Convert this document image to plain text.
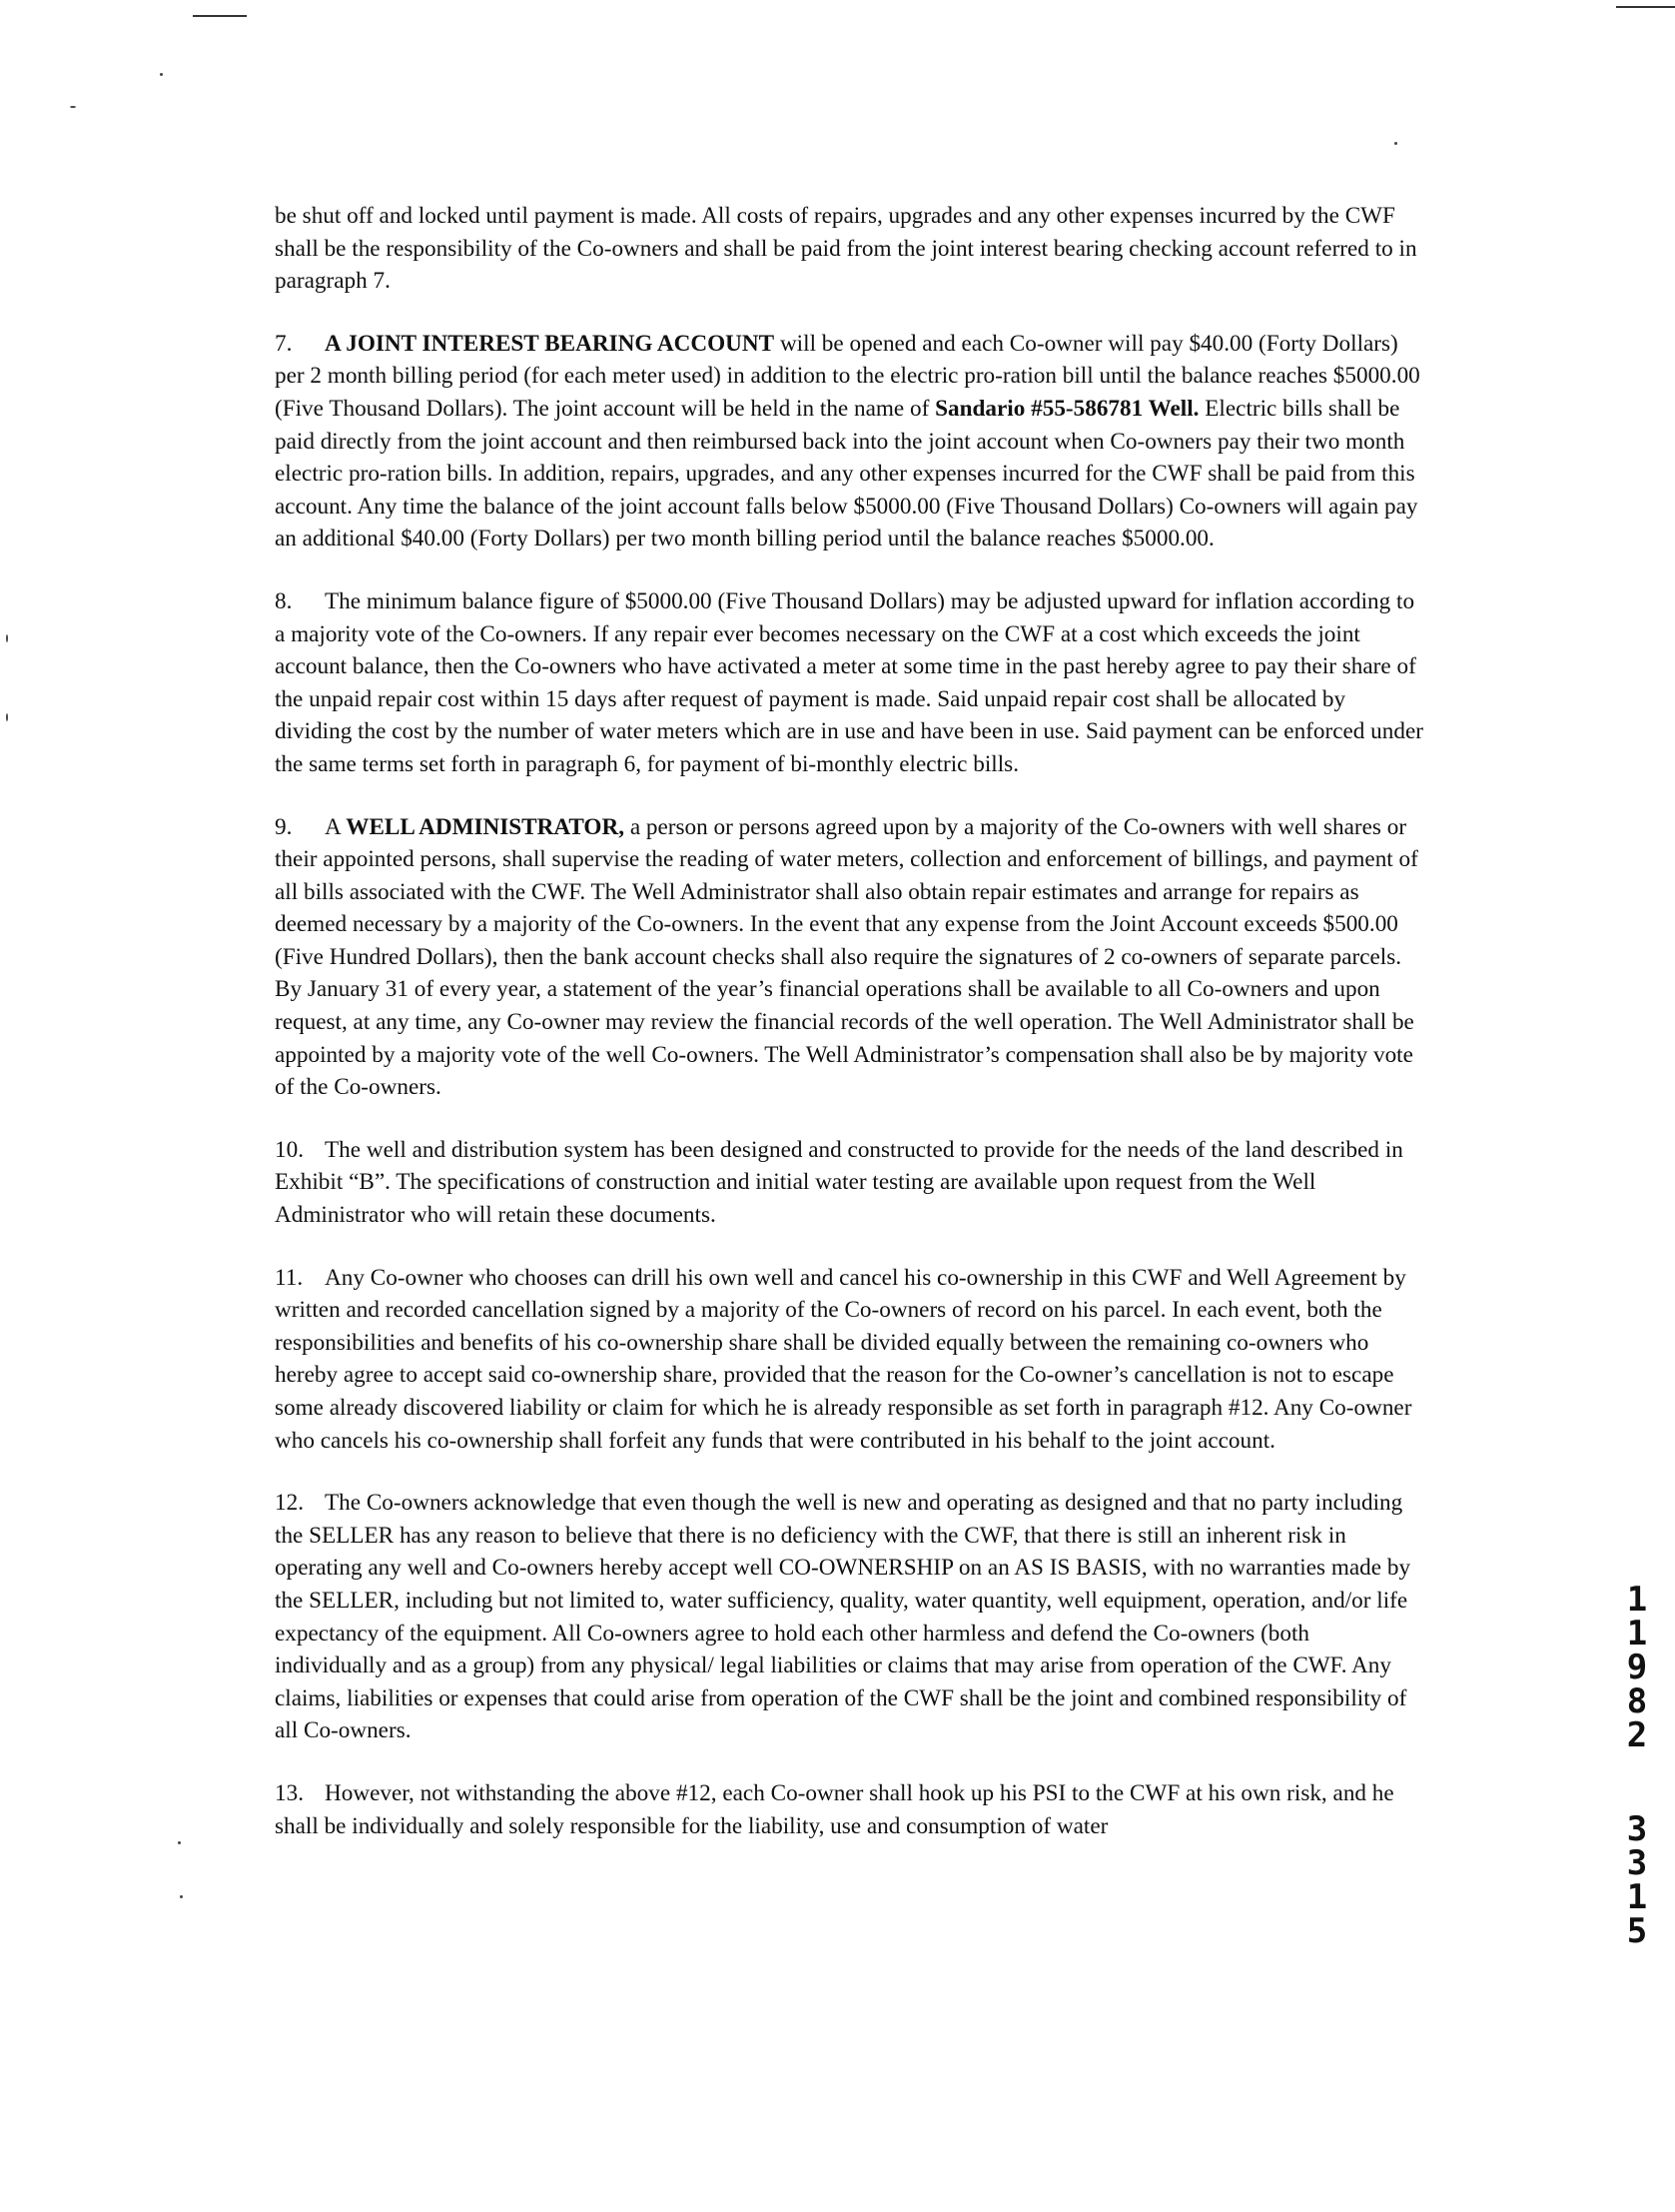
be shut off and locked until payment is made. All costs of repairs, upgrades and any other expenses incurred by the CWF shall be the responsibility of the Co-owners and shall be paid from the joint interest bearing checking account referred to in paragraph 7.

7. A JOINT INTEREST BEARING ACCOUNT will be opened and each Co-owner will pay $40.00 (Forty Dollars) per 2 month billing period (for each meter used) in addition to the electric pro-ration bill until the balance reaches $5000.00 (Five Thousand Dollars). The joint account will be held in the name of Sandario #55-586781 Well. Electric bills shall be paid directly from the joint account and then reimbursed back into the joint account when Co-owners pay their two month electric pro-ration bills. In addition, repairs, upgrades, and any other expenses incurred for the CWF shall be paid from this account. Any time the balance of the joint account falls below $5000.00 (Five Thousand Dollars) Co-owners will again pay an additional $40.00 (Forty Dollars) per two month billing period until the balance reaches $5000.00.

8. The minimum balance figure of $5000.00 (Five Thousand Dollars) may be adjusted upward for inflation according to a majority vote of the Co-owners. If any repair ever becomes necessary on the CWF at a cost which exceeds the joint account balance, then the Co-owners who have activated a meter at some time in the past hereby agree to pay their share of the unpaid repair cost within 15 days after request of payment is made. Said unpaid repair cost shall be allocated by dividing the cost by the number of water meters which are in use and have been in use. Said payment can be enforced under the same terms set forth in paragraph 6, for payment of bi-monthly electric bills.

9. A WELL ADMINISTRATOR, a person or persons agreed upon by a majority of the Co-owners with well shares or their appointed persons, shall supervise the reading of water meters, collection and enforcement of billings, and payment of all bills associated with the CWF. The Well Administrator shall also obtain repair estimates and arrange for repairs as deemed necessary by a majority of the Co-owners. In the event that any expense from the Joint Account exceeds $500.00 (Five Hundred Dollars), then the bank account checks shall also require the signatures of 2 co-owners of separate parcels. By January 31 of every year, a statement of the year’s financial operations shall be available to all Co-owners and upon request, at any time, any Co-owner may review the financial records of the well operation. The Well Administrator shall be appointed by a majority vote of the well Co-owners. The Well Administrator’s compensation shall also be by majority vote of the Co-owners.

10. The well and distribution system has been designed and constructed to provide for the needs of the land described in Exhibit “B”. The specifications of construction and initial water testing are available upon request from the Well Administrator who will retain these documents.

11. Any Co-owner who chooses can drill his own well and cancel his co-ownership in this CWF and Well Agreement by written and recorded cancellation signed by a majority of the Co-owners of record on his parcel. In each event, both the responsibilities and benefits of his co-ownership share shall be divided equally between the remaining co-owners who hereby agree to accept said co-ownership share, provided that the reason for the Co-owner’s cancellation is not to escape some already discovered liability or claim for which he is already responsible as set forth in paragraph #12. Any Co-owner who cancels his co-ownership shall forfeit any funds that were contributed in his behalf to the joint account.

12. The Co-owners acknowledge that even though the well is new and operating as designed and that no party including the SELLER has any reason to believe that there is no deficiency with the CWF, that there is still an inherent risk in operating any well and Co-owners hereby accept well CO-OWNERSHIP on an AS IS BASIS, with no warranties made by the SELLER, including but not limited to, water sufficiency, quality, water quantity, well equipment, operation, and/or life expectancy of the equipment. All Co-owners agree to hold each other harmless and defend the Co-owners (both individually and as a group) from any physical/ legal liabilities or claims that may arise from operation of the CWF. Any claims, liabilities or expenses that could arise from operation of the CWF shall be the joint and combined responsibility of all Co-owners.

13. However, not withstanding the above #12, each Co-owner shall hook up his PSI to the CWF at his own risk, and he shall be individually and solely responsible for the liability, use and consumption of water

1
1
9
8
2
3
3
1
5
